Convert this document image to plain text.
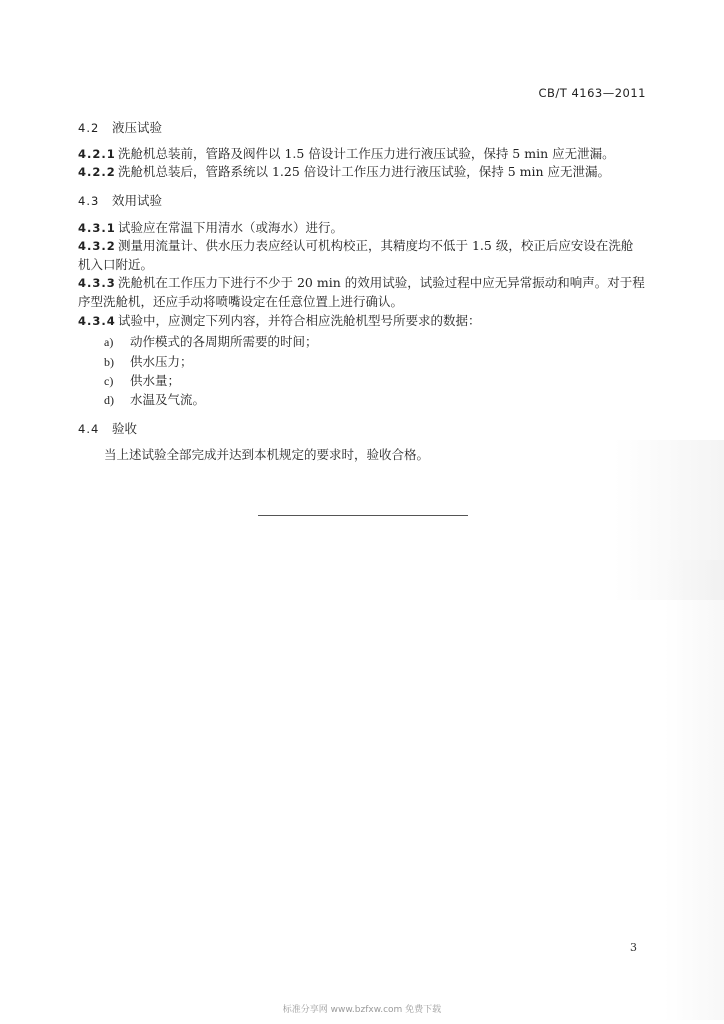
CB/T 4163—2011
4.2 液压试验
4.2.1 洗舱机总装前，管路及阀件以 1.5 倍设计工作压力进行液压试验，保持 5 min 应无泄漏。
4.2.2 洗舱机总装后，管路系统以 1.25 倍设计工作压力进行液压试验，保持 5 min 应无泄漏。
4.3 效用试验
4.3.1 试验应在常温下用清水（或海水）进行。
4.3.2 测量用流量计、供水压力表应经认可机构校正，其精度均不低于 1.5 级，校正后应安设在洗舱
机入口附近。
4.3.3 洗舱机在工作压力下进行不少于 20 min 的效用试验，试验过程中应无异常振动和响声。对于程
序型洗舱机，还应手动将喷嘴设定在任意位置上进行确认。
4.3.4 试验中，应测定下列内容，并符合相应洗舱机型号所要求的数据：
a) 动作模式的各周期所需要的时间；
b) 供水压力；
c) 供水量；
d) 水温及气流。
4.4 验收
当上述试验全部完成并达到本机规定的要求时，验收合格。
3
标准分享网 www.bzfxw.com 免费下载
